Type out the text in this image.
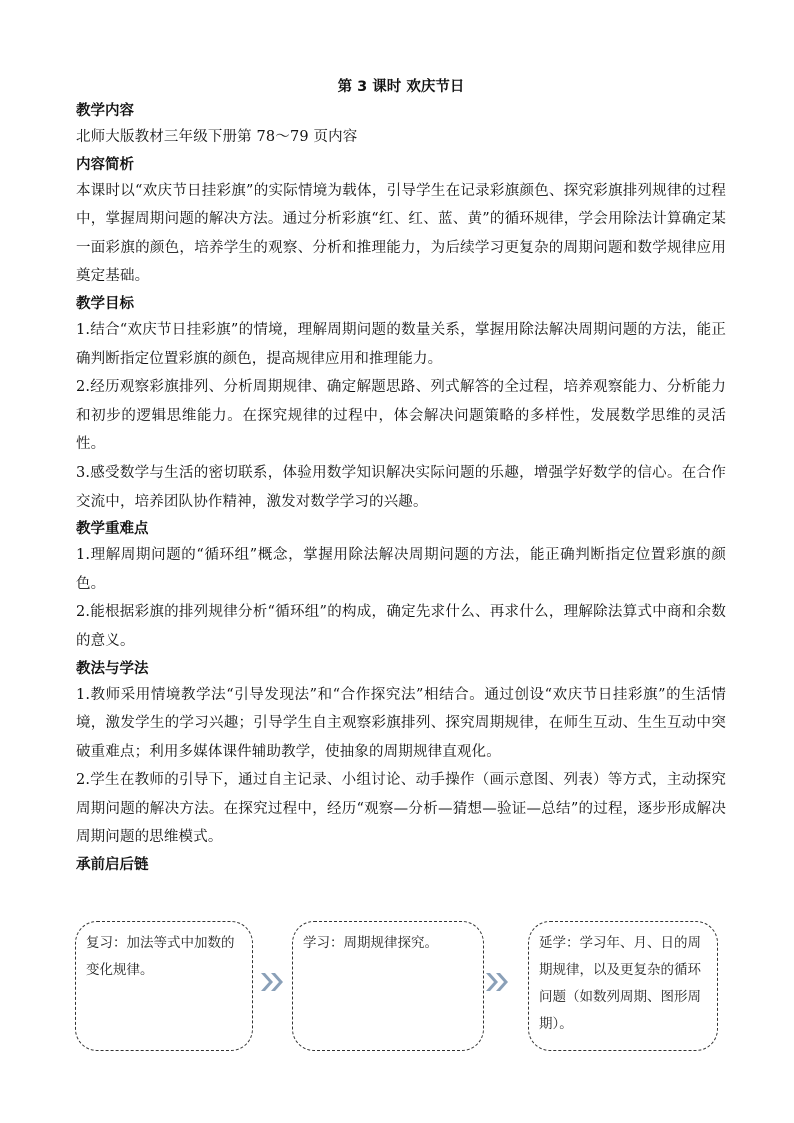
第 3 课时 欢庆节日
教学内容
北师大版教材三年级下册第 78～79 页内容
内容简析
本课时以“欢庆节日挂彩旗”的实际情境为载体，引导学生在记录彩旗颜色、探究彩旗排列规律的过程中，掌握周期问题的解决方法。通过分析彩旗“红、红、蓝、黄”的循环规律，学会用除法计算确定某一面彩旗的颜色，培养学生的观察、分析和推理能力，为后续学习更复杂的周期问题和数学规律应用奠定基础。
教学目标
1.结合“欢庆节日挂彩旗”的情境，理解周期问题的数量关系，掌握用除法解决周期问题的方法，能正确判断指定位置彩旗的颜色，提高规律应用和推理能力。
2.经历观察彩旗排列、分析周期规律、确定解题思路、列式解答的全过程，培养观察能力、分析能力和初步的逻辑思维能力。在探究规律的过程中，体会解决问题策略的多样性，发展数学思维的灵活性。
3.感受数学与生活的密切联系，体验用数学知识解决实际问题的乐趣，增强学好数学的信心。在合作交流中，培养团队协作精神，激发对数学学习的兴趣。
教学重难点
1.理解周期问题的“循环组”概念，掌握用除法解决周期问题的方法，能正确判断指定位置彩旗的颜色。
2.能根据彩旗的排列规律分析“循环组”的构成，确定先求什么、再求什么，理解除法算式中商和余数的意义。
教法与学法
1.教师采用情境教学法“引导发现法”和“合作探究法”相结合。通过创设“欢庆节日挂彩旗”的生活情境，激发学生的学习兴趣；引导学生自主观察彩旗排列、探究周期规律，在师生互动、生生互动中突破重难点；利用多媒体课件辅助教学，使抽象的周期规律直观化。
2.学生在教师的引导下，通过自主记录、小组讨论、动手操作（画示意图、列表）等方式，主动探究周期问题的解决方法。在探究过程中，经历“观察—分析—猜想—验证—总结”的过程，逐步形成解决周期问题的思维模式。
承前启后链
复习：加法等式中加数的变化规律。
学习：周期规律探究。	延学：学习年、月、日的周期规律，以及更复杂的循环问题（如数列周期、图形周期）。
